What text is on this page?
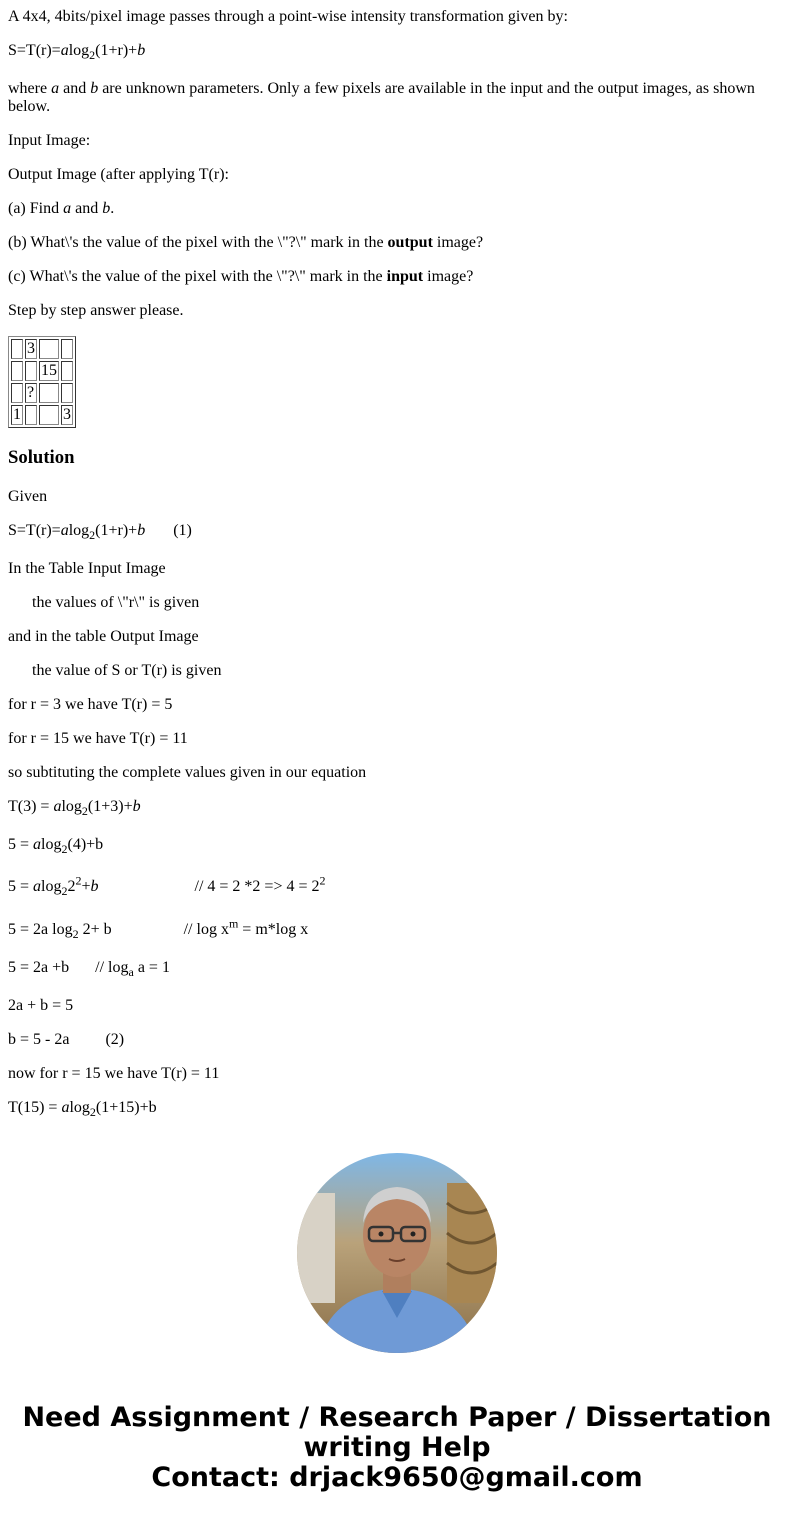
A 4x4, 4bits/pixel image passes through a point-wise intensity transformation given by:

S=T(r)=alog$_2$(1+r)+b

where a and b are unknown parameters. Only a few pixels are available in the input and the output images, as shown below.

Input Image:

Output Image (after applying T(r):

(a) Find a and b.

(b) What\'s the value of the pixel with the \"?\" mark in the output image?

(c) What\'s the value of the pixel with the \"?\" mark in the input image?

Step by step answer please.

	3		
		15	
	?		
1			3
Solution

Given

S=T(r)=alog$_2$(1+r)+b (1)

In the Table Input Image

the values of \"r\" is given

and in the table Output Image

the value of S or T(r) is given

for r = 3 we have T(r) = 5

for r = 15 we have T(r) = 11

so subtituting the complete values given in our equation

T(3) = alog$_2$(1+3)+b

5 = alog$_2$(4)+b

$5 = alog_22^2+b$	// 4 = 2 $*2 => 4 = 2^2$

5 = 2a $\log_2 2+ b$	// $\log x^m = m*\log$ x

$5 = 2a +b // \log_a a = 1$

2a + b = 5

b = 5 - 2a (2)

now for r = 15 we have T(r) = 11

T(15) = alog$_2$(1+15)+b

Need Assignment / Research Paper / Dissertation
writing Help
Contact: drjack9650@gmail.com
